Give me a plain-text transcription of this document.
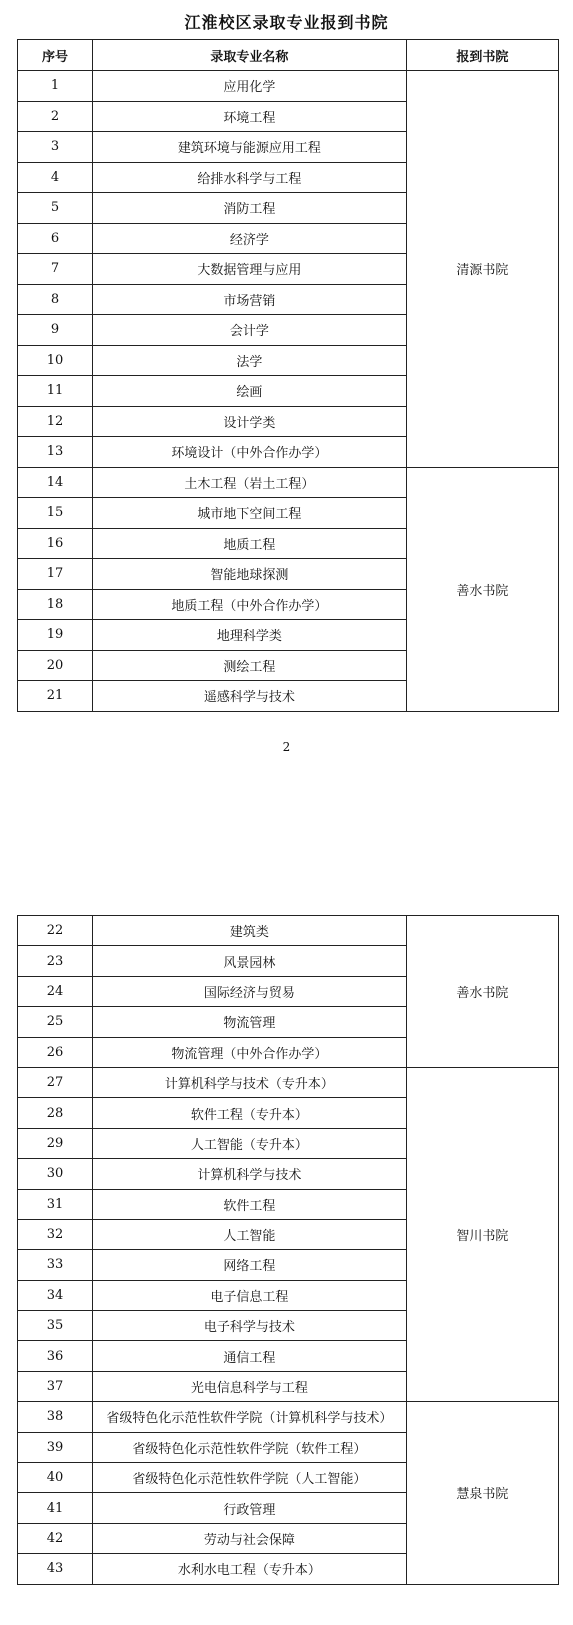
江淮校区录取专业报到书院
序号	录取专业名称	报到书院
1	应用化学	清源书院
2	环境工程	
3	建筑环境与能源应用工程	
4	给排水科学与工程	
5	消防工程	
6	经济学	
7	大数据管理与应用	
8	市场营销	
9	会计学	
10	法学	
11	绘画	
12	设计学类	
13	环境设计（中外合作办学）	
14	土木工程（岩土工程）	善水书院
15	城市地下空间工程	
16	地质工程	
17	智能地球探测	
18	地质工程（中外合作办学）	
19	地理科学类	
20	测绘工程	
21	遥感科学与技术	
2
22	建筑类	善水书院
23	风景园林	
24	国际经济与贸易	
25	物流管理	
26	物流管理（中外合作办学）	
27	计算机科学与技术（专升本）	智川书院
28	软件工程（专升本）	
29	人工智能（专升本）	
30	计算机科学与技术	
31	软件工程	
32	人工智能	
33	网络工程	
34	电子信息工程	
35	电子科学与技术	
36	通信工程	
37	光电信息科学与工程	
38	省级特色化示范性软件学院（计算机科学与技术）	慧泉书院
39	省级特色化示范性软件学院（软件工程）	
40	省级特色化示范性软件学院（人工智能）	
41	行政管理	
42	劳动与社会保障	
43	水利水电工程（专升本）	
